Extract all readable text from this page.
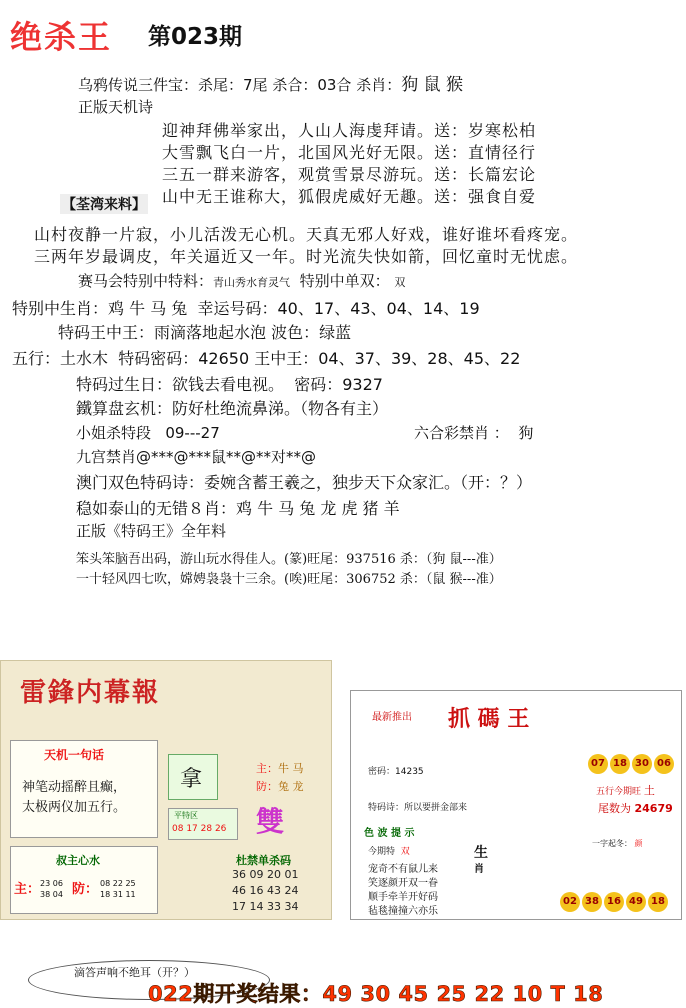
绝杀王 第023期
乌鸦传说三件宝：杀尾：7尾 杀合：03合 杀肖：狗 鼠 猴
正版天机诗
迎神拜佛举家出，人山人海虔拜请。送：岁寒松柏
大雪飘飞白一片，北国风光好无限。送：直情径行
三五一群来游客，观赏雪景尽游玩。送：长篇宏论
山中无王谁称大，狐假虎威好无趣。送：强食自爱
【荃湾来料】
山村夜静一片寂，小儿活泼无心机。天真无邪人好戏，谁好谁坏看疼宠。
三两年岁最调皮，年关逼近又一年。时光流失快如箭，回忆童时无忧虑。
赛马会特别中特料：青山秀水育灵气 特别中单双： 双
特别中生肖：鸡 牛 马 兔 幸运号码：40、17、43、04、14、19
特码王中王：雨滴落地起水泡 波色：绿蓝
五行：土水木 特码密码：42650 王中王：04、37、39、28、45、22
特码过生日：欲钱去看电视。 密码：9327
鐵算盘玄机：防好杜绝流鼻涕。（物各有主）
小姐杀特段 09---27	六合彩禁肖 ： 狗
九宫禁肖@***@***鼠**@**对**@
澳门双色特码诗：委婉含蓄王羲之，独步天下众家汇。（开：？）
稳如泰山的无错８肖：鸡 牛 马 兔 龙 虎 猪 羊
正版《特码王》全年料
笨头笨脑吾出码，游山玩水得佳人。(篆)旺尾：937516 杀：（狗 鼠---准）
一十轻风四七吹，嫦娉袅袅十三余。(唉)旺尾：306752 杀：（鼠 猴---准）
雷鋒内幕報
天机一句话
神笔动摇醉且癫，
太极两仪加五行。
拿	主：牛 马
防：兔 龙
平特区
08 17 28 26 雙
杜禁单杀码
36 09 20 01
46 16 43 24
17 14 33 34
叔主心水
主： 23 06 38 04 防： 08 22 25 18 31 11
最新推出 抓 碼 王
密码：14235
特码诗：所以要拼金部来
07 18 30 06
五行今期旺 土
尾数为 24679
色 波 提 示
今期特 双	生
肖
宠奇不有鼠儿来
笑逐颜开双一眷
顺手牵羊开好码
毡毯撞撞六亦乐
一字起冬： 颜
02 38 16 49 18
滴答声响不绝耳（开？）
022期开奖结果：49 30 45 25 22 10 T 18
